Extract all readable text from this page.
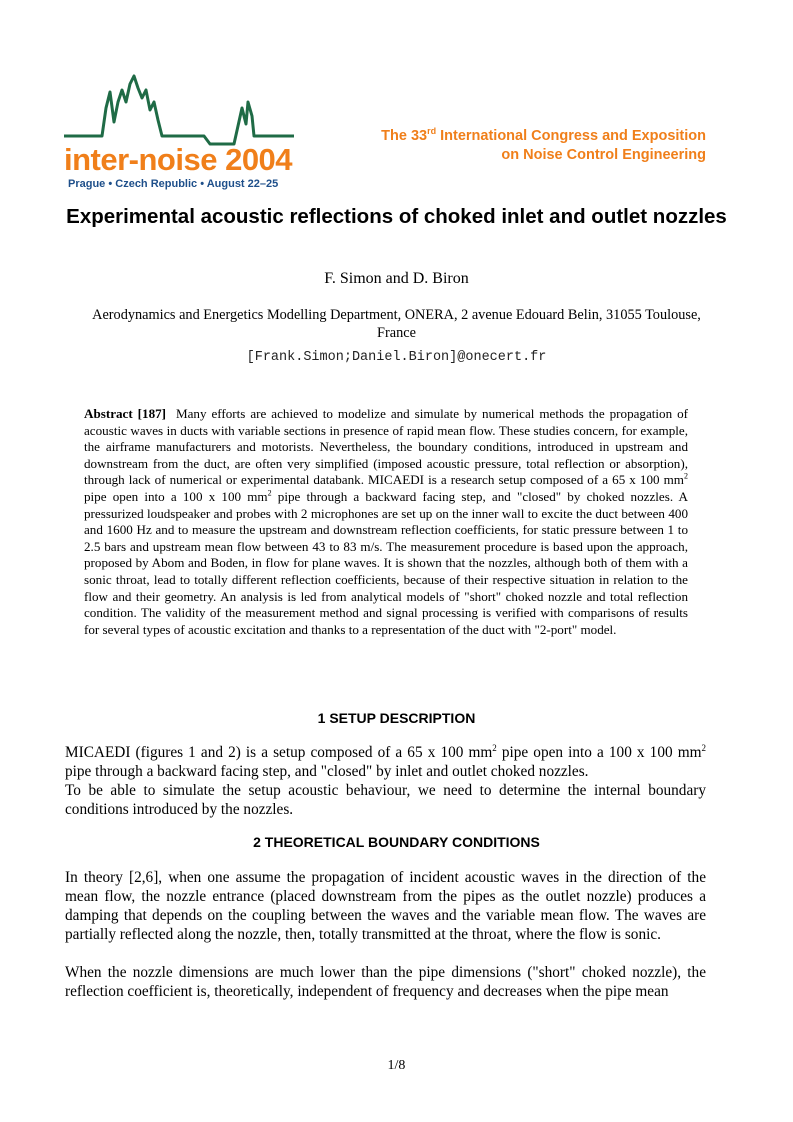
inter-noise 2004
Prague • Czech Republic • August 22–25
The 33rd International Congress and Exposition
on Noise Control Engineering
Experimental acoustic reflections of choked inlet and outlet nozzles
F. Simon and D. Biron
Aerodynamics and Energetics Modelling Department, ONERA, 2 avenue Edouard Belin, 31055 Toulouse, France
[Frank.Simon;Daniel.Biron]@onecert.fr
Abstract [187] Many efforts are achieved to modelize and simulate by numerical methods the propagation of acoustic waves in ducts with variable sections in presence of rapid mean flow. These studies concern, for example, the airframe manufacturers and motorists. Nevertheless, the boundary conditions, introduced in upstream and downstream from the duct, are often very simplified (imposed acoustic pressure, total reflection or absorption), through lack of numerical or experimental databank. MICAEDI is a research setup composed of a 65 x 100 $mm^2$ pipe open into a 100 x 100 $mm^2$ pipe through a backward facing step, and "closed" by choked nozzles. A pressurized loudspeaker and probes with 2 microphones are set up on the inner wall to excite the duct between 400 and 1600 Hz and to measure the upstream and downstream reflection coefficients, for static pressure between 1 to 2.5 bars and upstream mean flow between 43 to 83 m/s. The measurement procedure is based upon the approach, proposed by Abom and Boden, in flow for plane waves. It is shown that the nozzles, although both of them with a sonic throat, lead to totally different reflection coefficients, because of their respective situation in relation to the flow and their geometry. An analysis is led from analytical models of "short" choked nozzle and total reflection condition. The validity of the measurement method and signal processing is verified with comparisons of results for several types of acoustic excitation and thanks to a representation of the duct with "2-port" model.
1 SETUP DESCRIPTION

MICAEDI (figures 1 and 2) is a setup composed of a 65 x 100 $mm^2$ pipe open into a 100 x 100 $mm^2$ pipe through a backward facing step, and "closed" by inlet and outlet choked nozzles.

To be able to simulate the setup acoustic behaviour, we need to determine the internal boundary conditions introduced by the nozzles.

2 THEORETICAL BOUNDARY CONDITIONS

In theory [2,6], when one assume the propagation of incident acoustic waves in the direction of the mean flow, the nozzle entrance (placed downstream from the pipes as the outlet nozzle) produces a damping that depends on the coupling between the waves and the variable mean flow. The waves are partially reflected along the nozzle, then, totally transmitted at the throat, where the flow is sonic.

When the nozzle dimensions are much lower than the pipe dimensions ("short" choked nozzle), the reflection coefficient is, theoretically, independent of frequency and decreases when the pipe mean

1/8
